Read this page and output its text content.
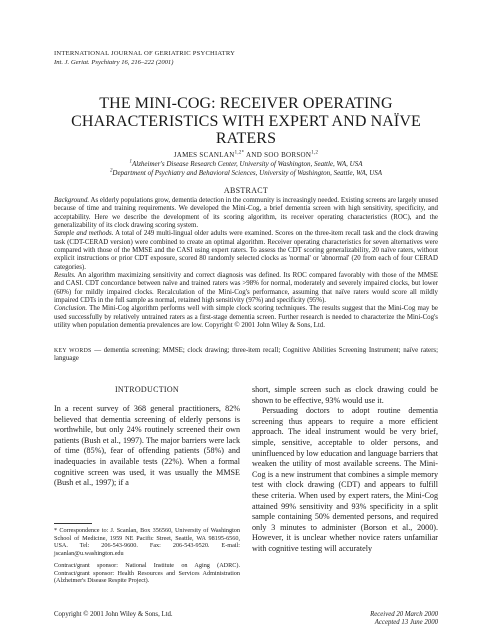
INTERNATIONAL JOURNAL OF GERIATRIC PSYCHIATRY
Int. J. Geriat. Psychiatry 16, 216–222 (2001)
THE MINI-COG: RECEIVER OPERATING CHARACTERISTICS WITH EXPERT AND NAÏVE RATERS
JAMES $SCANLAN^{1,2*}$ AND SOO BORSON$^{1,2}$
$^1$Alzheimer's Disease Research Center, University of Washington, Seattle, WA, USA
$^2$Department of Psychiatry and Behavioral Sciences, University of Washington, Seattle, WA, USA
ABSTRACT

Background. As elderly populations grow, dementia detection in the community is increasingly needed. Existing screens are largely unused because of time and training requirements. We developed the Mini-Cog, a brief dementia screen with high sensitivity, specificity, and acceptability. Here we describe the development of its scoring algorithm, its receiver operating characteristics (ROC), and the generalizability of its clock drawing scoring system.

Sample and methods. A total of 249 multi-lingual older adults were examined. Scores on the three-item recall task and the clock drawing task (CDT-CERAD version) were combined to create an optimal algorithm. Receiver operating characteristics for seven alternatives were compared with those of the MMSE and the CASI using expert raters. To assess the CDT scoring generalizability, 20 naïve raters, without explicit instructions or prior CDT exposure, scored 80 randomly selected clocks as 'normal' or 'abnormal' (20 from each of four CERAD categories).

Results. An algorithm maximizing sensitivity and correct diagnosis was defined. Its ROC compared favorably with those of the MMSE and CASI. CDT concordance between naïve and trained raters was >98% for normal, moderately and severely impaired clocks, but lower (60%) for mildly impaired clocks. Recalculation of the Mini-Cog's performance, assuming that naïve raters would score all mildly impaired CDTs in the full sample as normal, retained high sensitivity (97%) and specificity (95%).

Conclusion. The Mini-Cog algorithm performs well with simple clock scoring techniques. The results suggest that the Mini-Cog may be used successfully by relatively untrained raters as a first-stage dementia screen. Further research is needed to characterize the Mini-Cog's utility when population dementia prevalences are low. Copyright © 2001 John Wiley & Sons, Ltd.

KEY WORDS — dementia screening; MMSE; clock drawing; three-item recall; Cognitive Abilities Screening Instrument; naïve raters; language
INTRODUCTION

In a recent survey of 368 general practitioners, 82% believed that dementia screening of elderly persons is worthwhile, but only 24% routinely screened their own patients (Bush et al., 1997). The major barriers were lack of time (85%), fear of offending patients (58%) and inadequacies in available tests (22%). When a formal cognitive screen was used, it was usually the MMSE (Bush et al., 1997); if a

* Correspondence to: J. Scanlan, Box 356560, University of Washington School of Medicine, 1959 NE Pacific Street, Seattle, WA 98195-6560, USA. Tel: 206-543-9600. Fax: 206-543-9520. E-mail: jscanlan@u.washington.edu

Contract/grant sponsor: National Institute on Aging (ADRC). Contract/grant sponsor: Health Resources and Services Administration (Alzheimer's Disease Respite Project).

short, simple screen such as clock drawing could be shown to be effective, 93% would use it.

Persuading doctors to adopt routine dementia screening thus appears to require a more efficient approach. The ideal instrument would be very brief, simple, sensitive, acceptable to older persons, and uninfluenced by low education and language barriers that weaken the utility of most available screens. The Mini-Cog is a new instrument that combines a simple memory test with clock drawing (CDT) and appears to fulfill these criteria. When used by expert raters, the Mini-Cog attained 99% sensitivity and 93% specificity in a split sample containing 50% demented persons, and required only 3 minutes to administer (Borson et al., 2000). However, it is unclear whether novice raters unfamiliar with cognitive testing will accurately

Copyright © 2001 John Wiley & Sons, Ltd.	Received 20 March 2000
Accepted 13 June 2000
